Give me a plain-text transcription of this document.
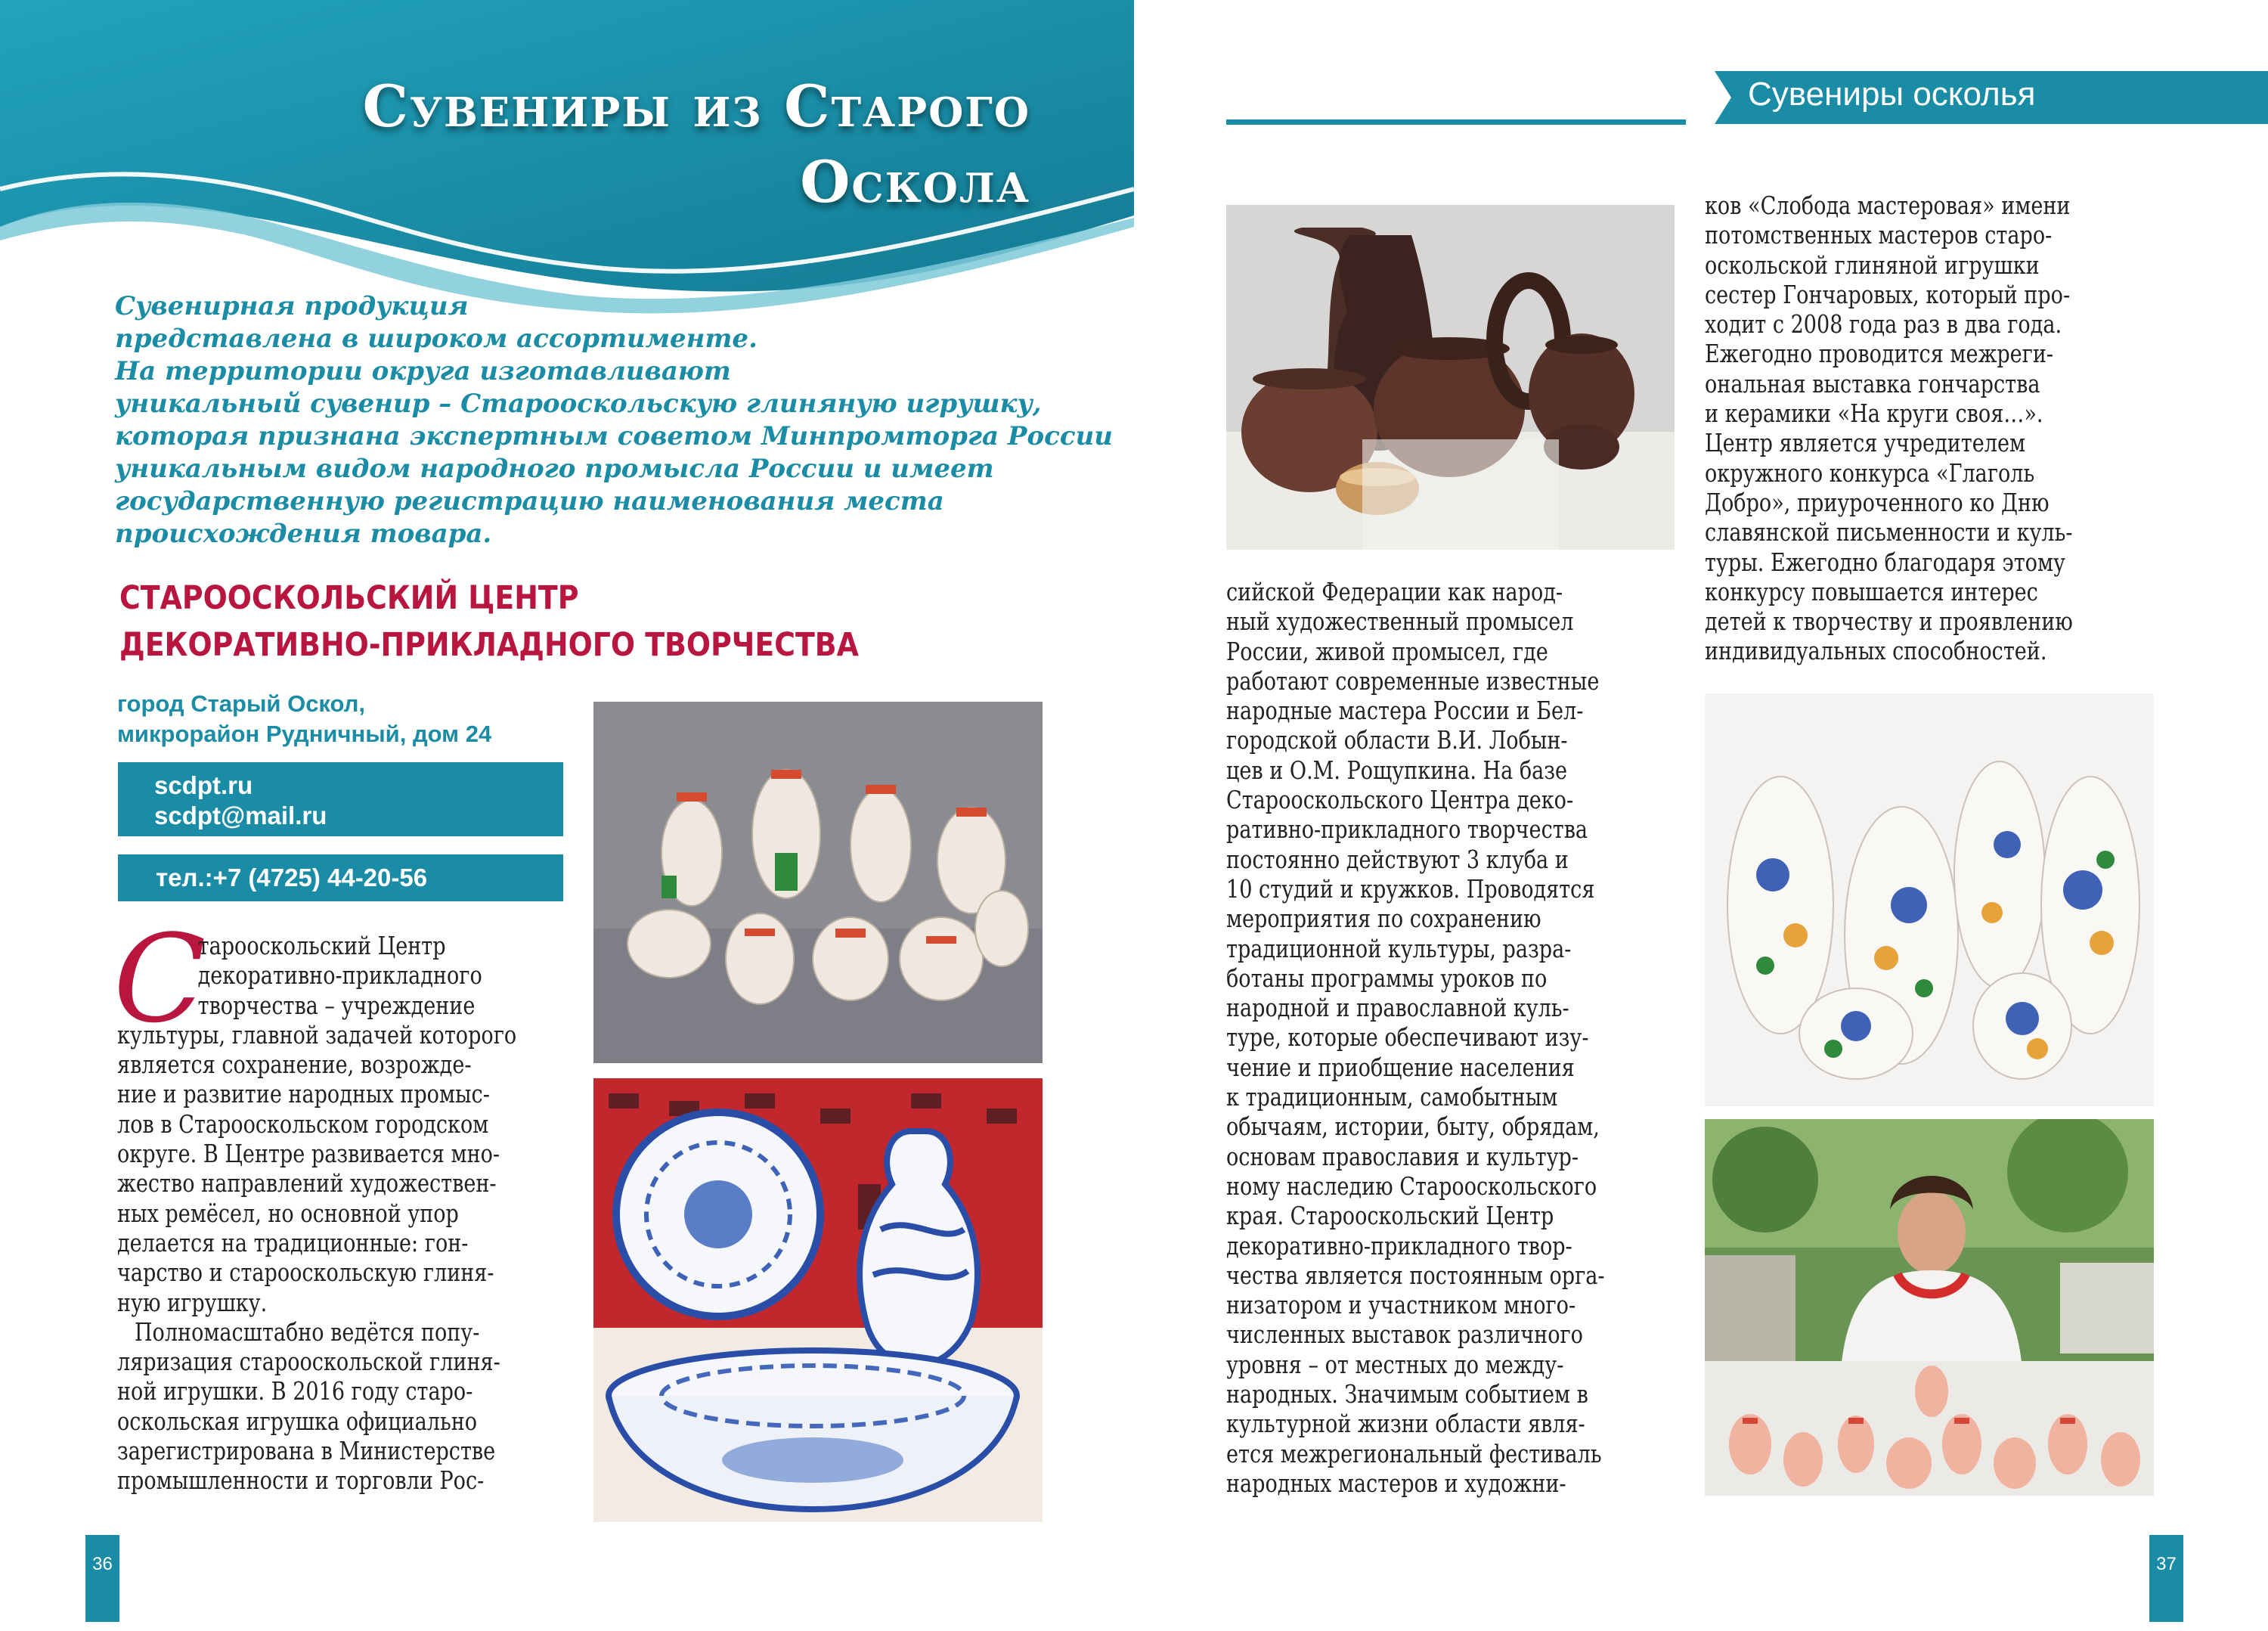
Сувениры из Старого
Оскола
Сувенирная продукция
представлена в широком ассортименте.
На территории округа изготавливают
уникальный сувенир – Старооскольскую глиняную игрушку,
которая признана экспертным советом Минпромторга России
уникальным видом народного промысла России и имеет
государственную регистрацию наименования места
происхождения товара.
СТАРООСКОЛЬСКИЙ ЦЕНТР
ДЕКОРАТИВНО-ПРИКЛАДНОГО ТВОРЧЕСТВА
город Старый Оскол,
микрорайон Рудничный, дом 24
scdpt.ru
scdpt@mail.ru
тел.:+7 (4725) 44-20-56
С
тарооскольский Центр
декоративно-прикладного
творчества – учреждение
культуры, главной задачей которого
является сохранение, возрожде-
ние и развитие народных промыс-
лов в Старооскольском городском
округе. В Центре развивается мно-
жество направлений художествен-
ных ремёсел, но основной упор
делается на традиционные: гон-
чарство и старооскольскую глиня-
ную игрушку.
Полномасштабно ведётся попу-
ляризация старооскольской глиня-
ной игрушки. В 2016 году старо-
оскольская игрушка официально
зарегистрирована в Министерстве
промышленности и торговли Рос-
36
Сувениры осколья
сийской Федерации как народ-
ный художественный промысел
России, живой промысел, где
работают современные известные
народные мастера России и Бел-
городской области В.И. Лобын-
цев и О.М. Рощупкина. На базе
Старооскольского Центра деко-
ративно-прикладного творчества
постоянно действуют 3 клуба и
10 студий и кружков. Проводятся
мероприятия по сохранению
традиционной культуры, разра-
ботаны программы уроков по
народной и православной куль-
туре, которые обеспечивают изу-
чение и приобщение населения
к традиционным, самобытным
обычаям, истории, быту, обрядам,
основам православия и культур-
ному наследию Старооскольского
края. Старооскольский Центр
декоративно-прикладного твор-
чества является постоянным орга-
низатором и участником много-
численных выставок различного
уровня – от местных до между-
народных. Значимым событием в
культурной жизни области явля-
ется межрегиональный фестиваль
народных мастеров и художни-
ков «Слобода мастеровая» имени
потомственных мастеров старо-
оскольской глиняной игрушки
сестер Гончаровых, который про-
ходит с 2008 года раз в два года.
Ежегодно проводится межреги-
ональная выставка гончарства
и керамики «На круги своя…».
Центр является учредителем
окружного конкурса «Глаголь
Добро», приуроченного ко Дню
славянской письменности и куль-
туры. Ежегодно благодаря этому
конкурсу повышается интерес
детей к творчеству и проявлению
индивидуальных способностей.
37
